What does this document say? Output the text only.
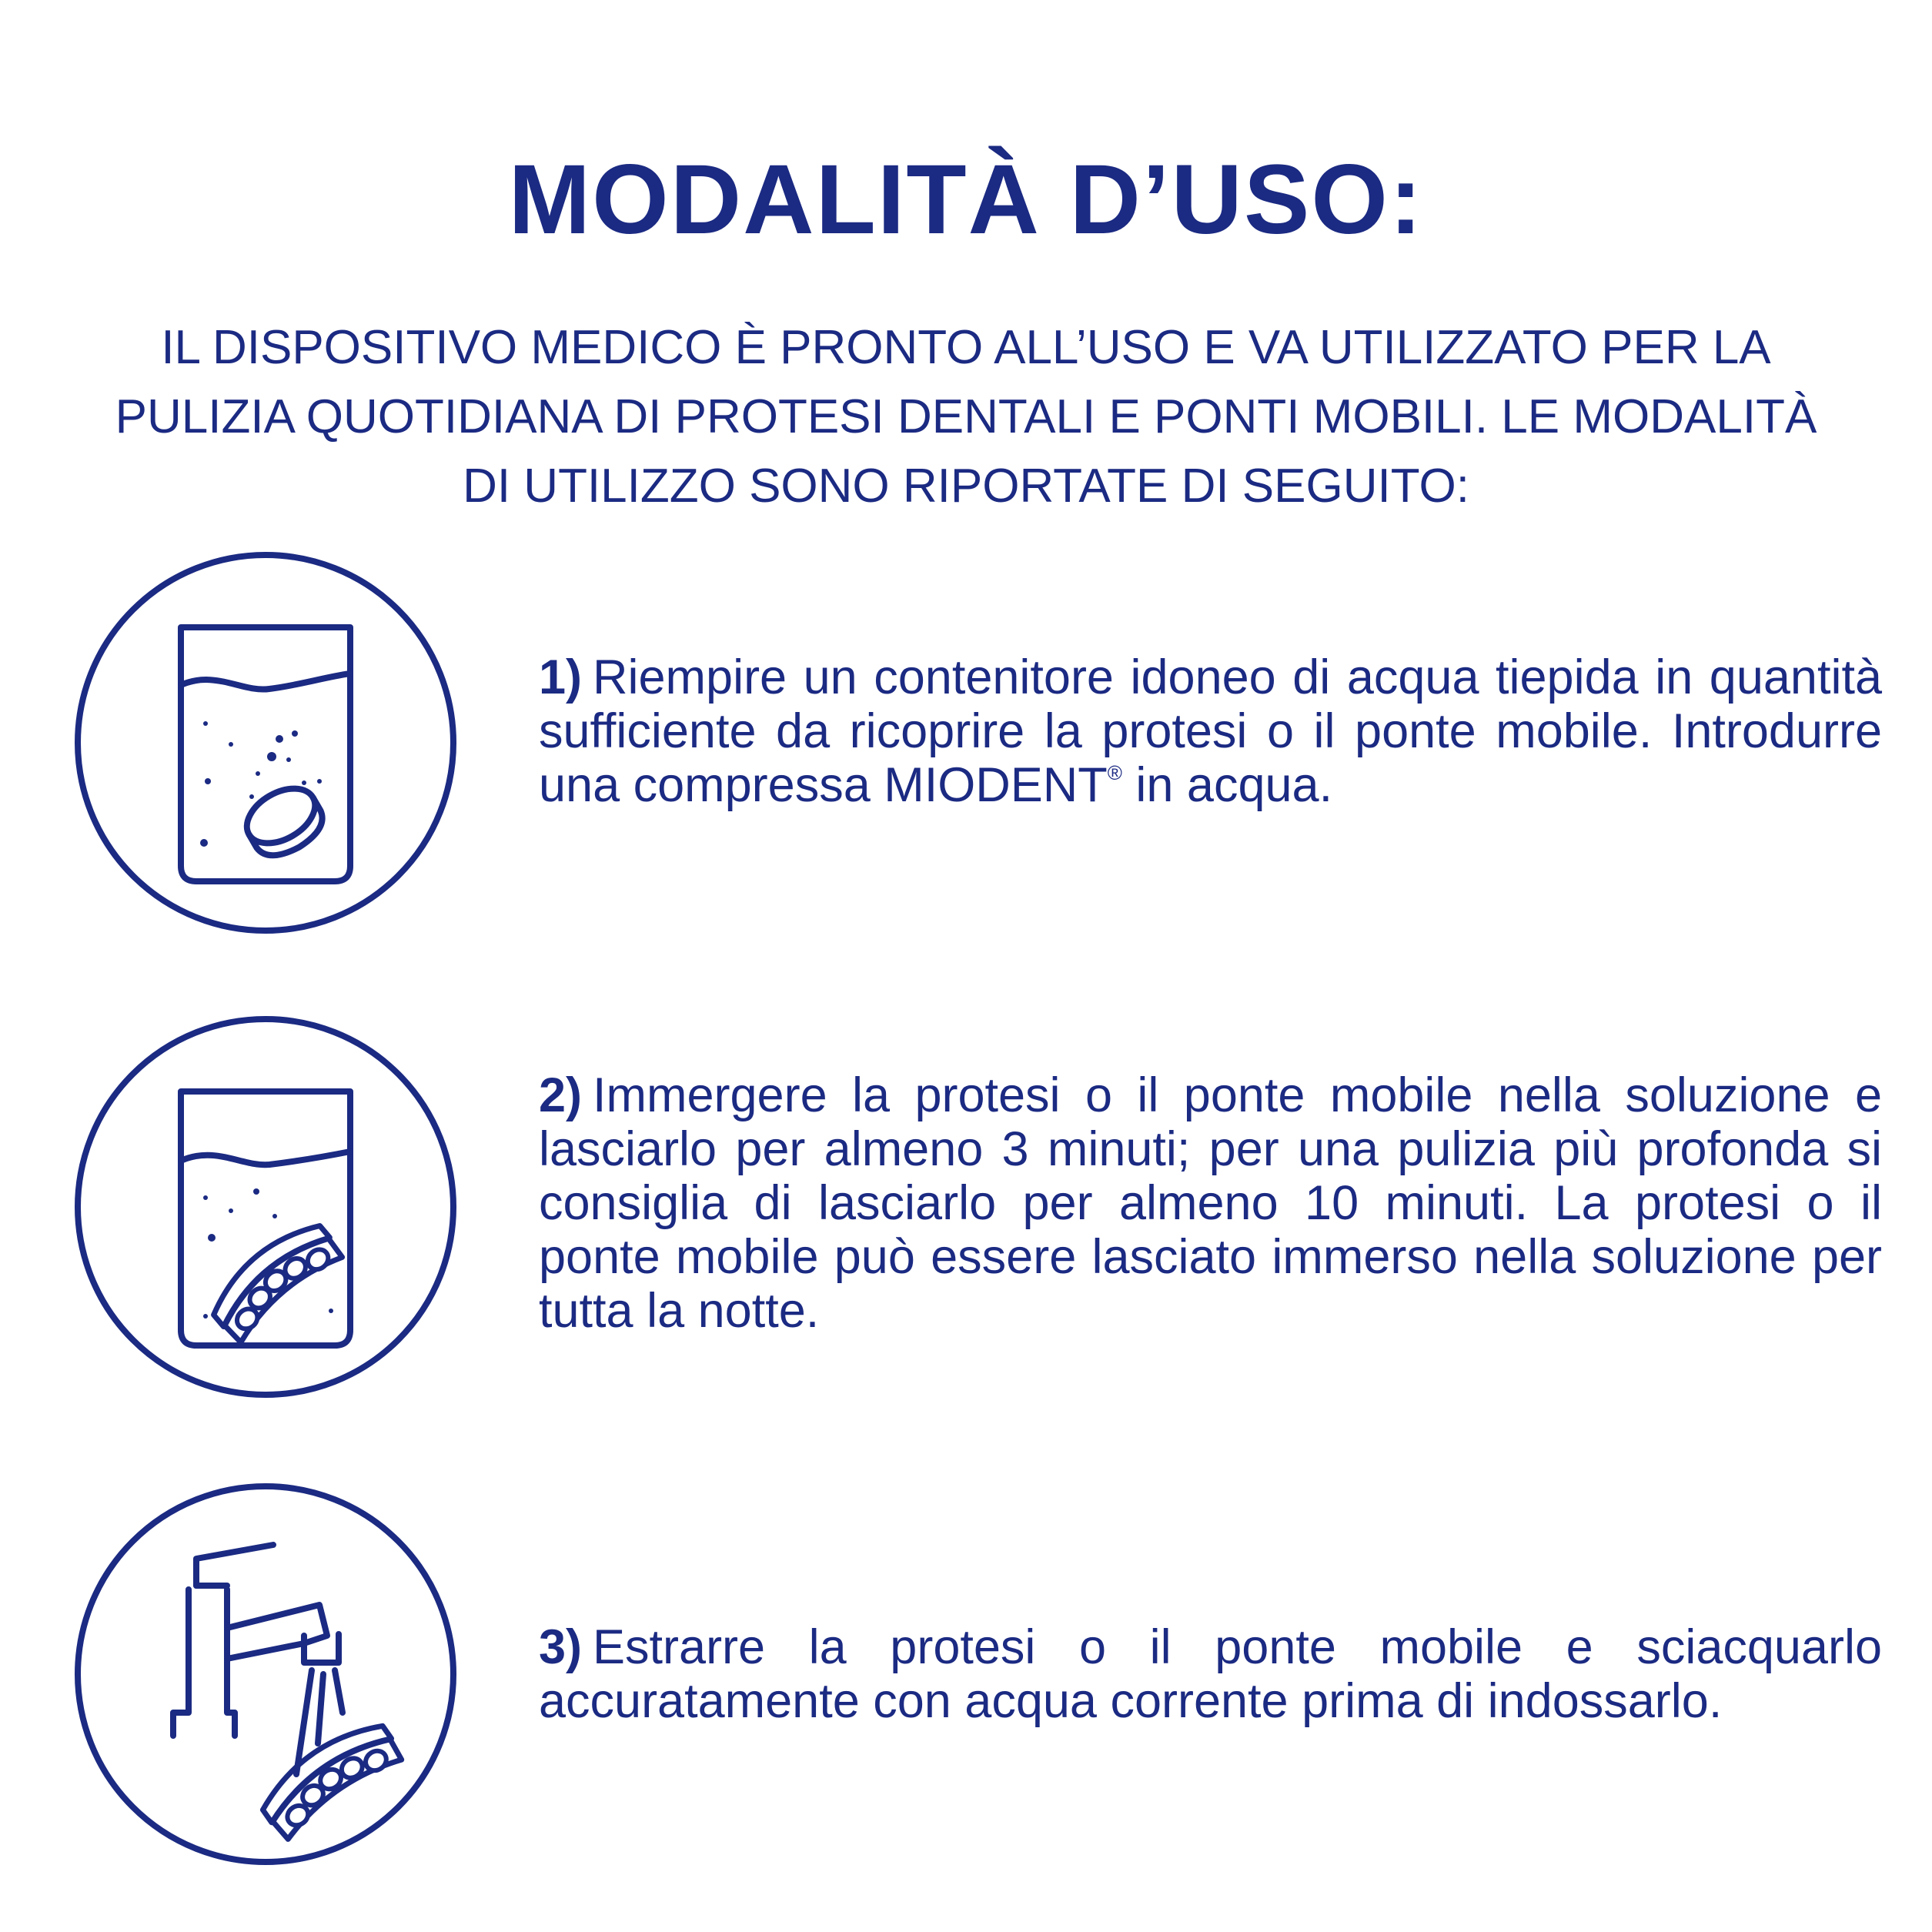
MODALITÀ D’USO:

IL DISPOSITIVO MEDICO È PRONTO ALL’USO E VA UTILIZZATO PER LA PULIZIA QUOTIDIANA DI PROTESI DENTALI E PONTI MOBILI. LE MODALITÀ DI UTILIZZO SONO RIPORTATE DI SEGUITO:

1) Riempire un contenitore idoneo di acqua tiepida in quantità sufficiente da ricoprire la protesi o il ponte mobile. Introdurre una compressa MIODENT® in acqua.

2) Immergere la protesi o il ponte mobile nella soluzione e lasciarlo per almeno 3 minuti; per una pulizia più profonda si consiglia di lasciarlo per almeno 10 minuti. La protesi o il ponte mobile può essere lasciato immerso nella soluzione per tutta la notte.

3) Estrarre la protesi o il ponte mobile e sciacquarlo accuratamente con acqua corrente prima di indossarlo.
